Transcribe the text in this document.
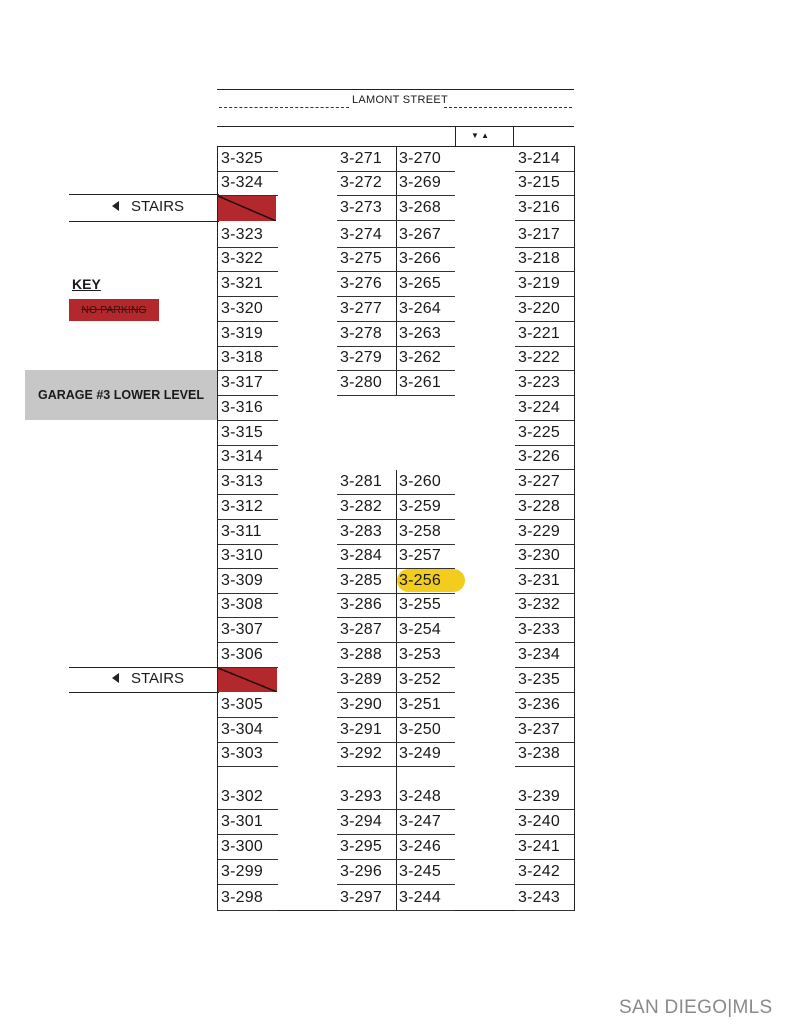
LAMONT STREET
▼ ▲
STAIRS
STAIRS
KEY
NO PARKING
GARAGE #3 LOWER LEVEL
3-325
3-324
3-323
3-322
3-321
3-320
3-319
3-318
3-317
3-316
3-315
3-314
3-313
3-312
3-311
3-310
3-309
3-308
3-307
3-306
3-305
3-304
3-303
3-302
3-301
3-300
3-299
3-298
3-271
3-272
3-273
3-274
3-275
3-276
3-277
3-278
3-279
3-280
3-281
3-282
3-283
3-284
3-285
3-286
3-287
3-288
3-289
3-290
3-291
3-292
3-293
3-294
3-295
3-296
3-297
3-270
3-269
3-268
3-267
3-266
3-265
3-264
3-263
3-262
3-261
3-260
3-259
3-258
3-257
3-256
3-255
3-254
3-253
3-252
3-251
3-250
3-249
3-248
3-247
3-246
3-245
3-244
3-214
3-215
3-216
3-217
3-218
3-219
3-220
3-221
3-222
3-223
3-224
3-225
3-226
3-227
3-228
3-229
3-230
3-231
3-232
3-233
3-234
3-235
3-236
3-237
3-238
3-239
3-240
3-241
3-242
3-243
SAN DIEGO|MLS
